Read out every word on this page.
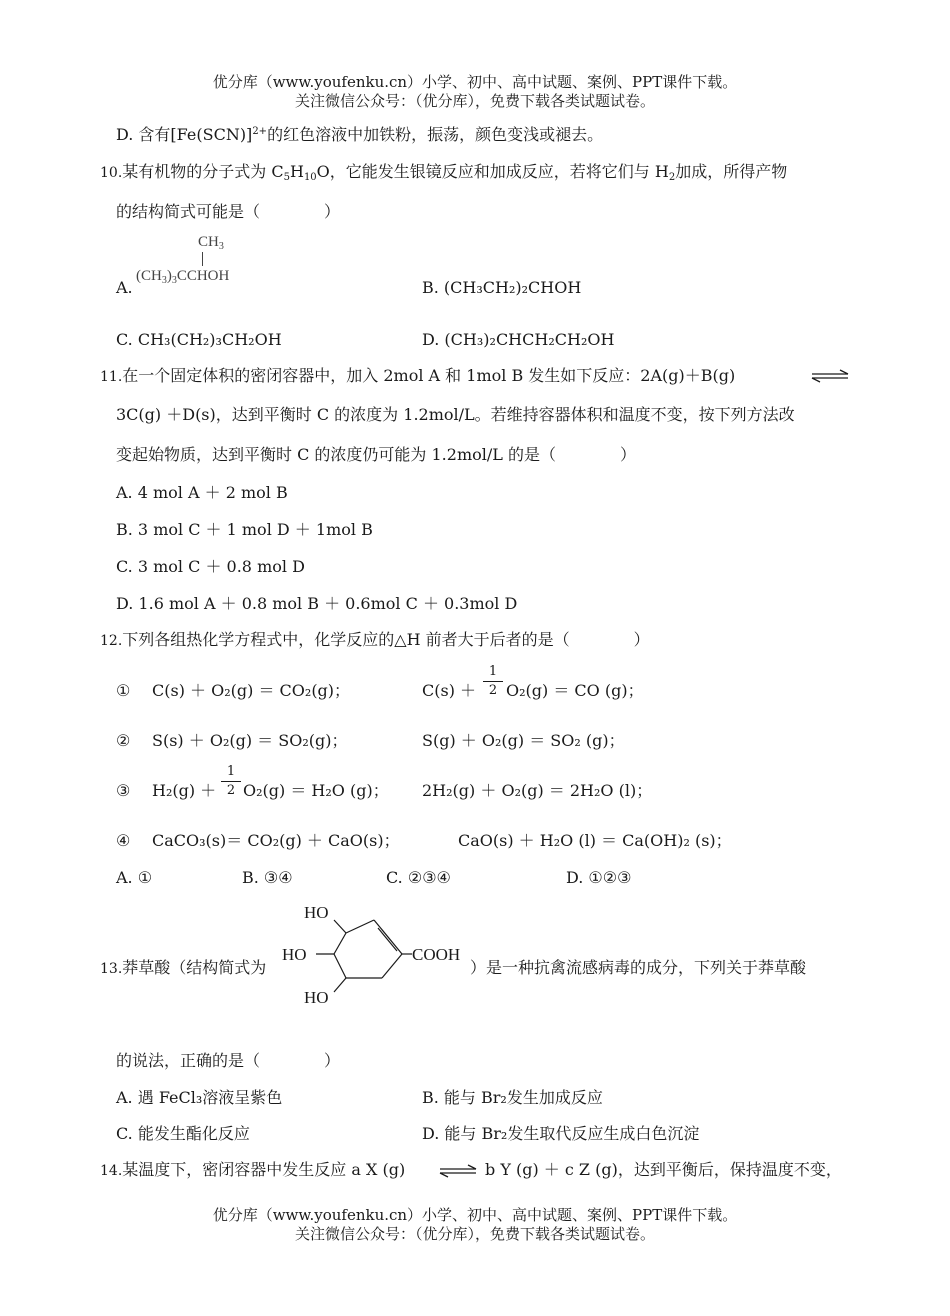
优分库（www.youfenku.cn）小学、初中、高中试题、案例、PPT课件下载。
关注微信公众号：（优分库），免费下载各类试题试卷。
D. 含有$[Fe(SCN)]^{2+}$的红色溶液中加铁粉，振荡，颜色变浅或褪去。
10.某有机物的分子式为 $C_5H_{10}O$，它能发生银镜反应和加成反应，若将它们与 $H_2$加成，所得产物
的结构简式可能是（　　　　）
A.
$CH_3$
$(CH_3)_3CCHOH$
B. (CH₃CH₂)₂CHOH
C. CH₃(CH₂)₃CH₂OH	D. (CH₃)₂CHCH₂CH₂OH
11.在一个固定体积的密闭容器中，加入 2mol A 和 1mol B 发生如下反应：2A(g)＋B(g)
3C(g) ＋D(s)，达到平衡时 C 的浓度为 1.2mol/L。若维持容器体积和温度不变，按下列方法改
变起始物质，达到平衡时 C 的浓度仍可能为 1.2mol/L 的是（　　　　）
A. 4 mol A ＋ 2 mol B
B. 3 mol C ＋ 1 mol D ＋ 1mol B
C. 3 mol C ＋ 0.8 mol D
D. 1.6 mol A ＋ 0.8 mol B ＋ 0.6mol C ＋ 0.3mol D
12.下列各组热化学方程式中，化学反应的△H 前者大于后者的是（　　　　）
① C(s) ＋ O₂(g) ＝ CO₂(g)；	C(s) ＋
1
2 O₂(g) ＝ CO (g)；
② S(s) ＋ O₂(g) ＝ SO₂(g)；	S(g) ＋ O₂(g) ＝ SO₂ (g)；
③ H₂(g) ＋
1
2 O₂(g) ＝ H₂O (g)； 2H₂(g) ＋ O₂(g) ＝ 2H₂O (l)；
④ CaCO₃(s)＝ CO₂(g) ＋ CaO(s)；	CaO(s) ＋ H₂O (l) ＝ Ca(OH)₂ (s)；
A. ①	B. ③④	C. ②③④	D. ①②③
13.莽草酸（结构简式为
HO
HO
HO
COOH
）是一种抗禽流感病毒的成分，下列关于莽草酸
的说法，正确的是（　　　　）
A. 遇 FeCl₃溶液呈紫色	B. 能与 Br₂发生加成反应
C. 能发生酯化反应	D. 能与 Br₂发生取代反应生成白色沉淀
14.某温度下，密闭容器中发生反应 a X (g) ⇌ b Y (g) ＋ c Z (g)，达到平衡后，保持温度不变，
优分库（www.youfenku.cn）小学、初中、高中试题、案例、PPT课件下载。
关注微信公众号：（优分库），免费下载各类试题试卷。
